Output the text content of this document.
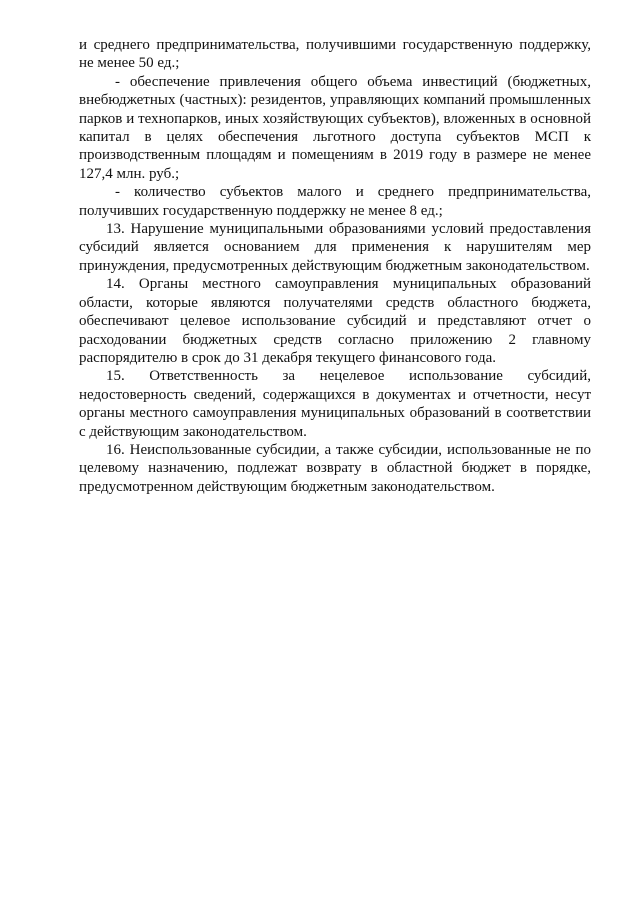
и среднего предпринимательства, получившими государственную поддержку, не менее 50 ед.;

- обеспечение привлечения общего объема инвестиций (бюджетных, внебюджетных (частных): резидентов, управляющих компаний промышленных парков и технопарков, иных хозяйствующих субъектов), вложенных в основной капитал в целях обеспечения льготного доступа субъектов МСП к производственным площадям и помещениям в 2019 году в размере не менее 127,4 млн. руб.;

- количество субъектов малого и среднего предпринимательства, получивших государственную поддержку не менее 8 ед.;

13. Нарушение муниципальными образованиями условий предоставления субсидий является основанием для применения к нарушителям мер принуждения, предусмотренных действующим бюджетным законодательством.

14. Органы местного самоуправления муниципальных образований области, которые являются получателями средств областного бюджета, обеспечивают целевое использование субсидий и представляют отчет о расходовании бюджетных средств согласно приложению 2 главному распорядителю в срок до 31 декабря текущего финансового года.

15. Ответственность за нецелевое использование субсидий, недостоверность сведений, содержащихся в документах и отчетности, несут органы местного самоуправления муниципальных образований в соответствии с действующим законодательством.

16. Неиспользованные субсидии, а также субсидии, использованные не по целевому назначению, подлежат возврату в областной бюджет в порядке, предусмотренном действующим бюджетным законодательством.
